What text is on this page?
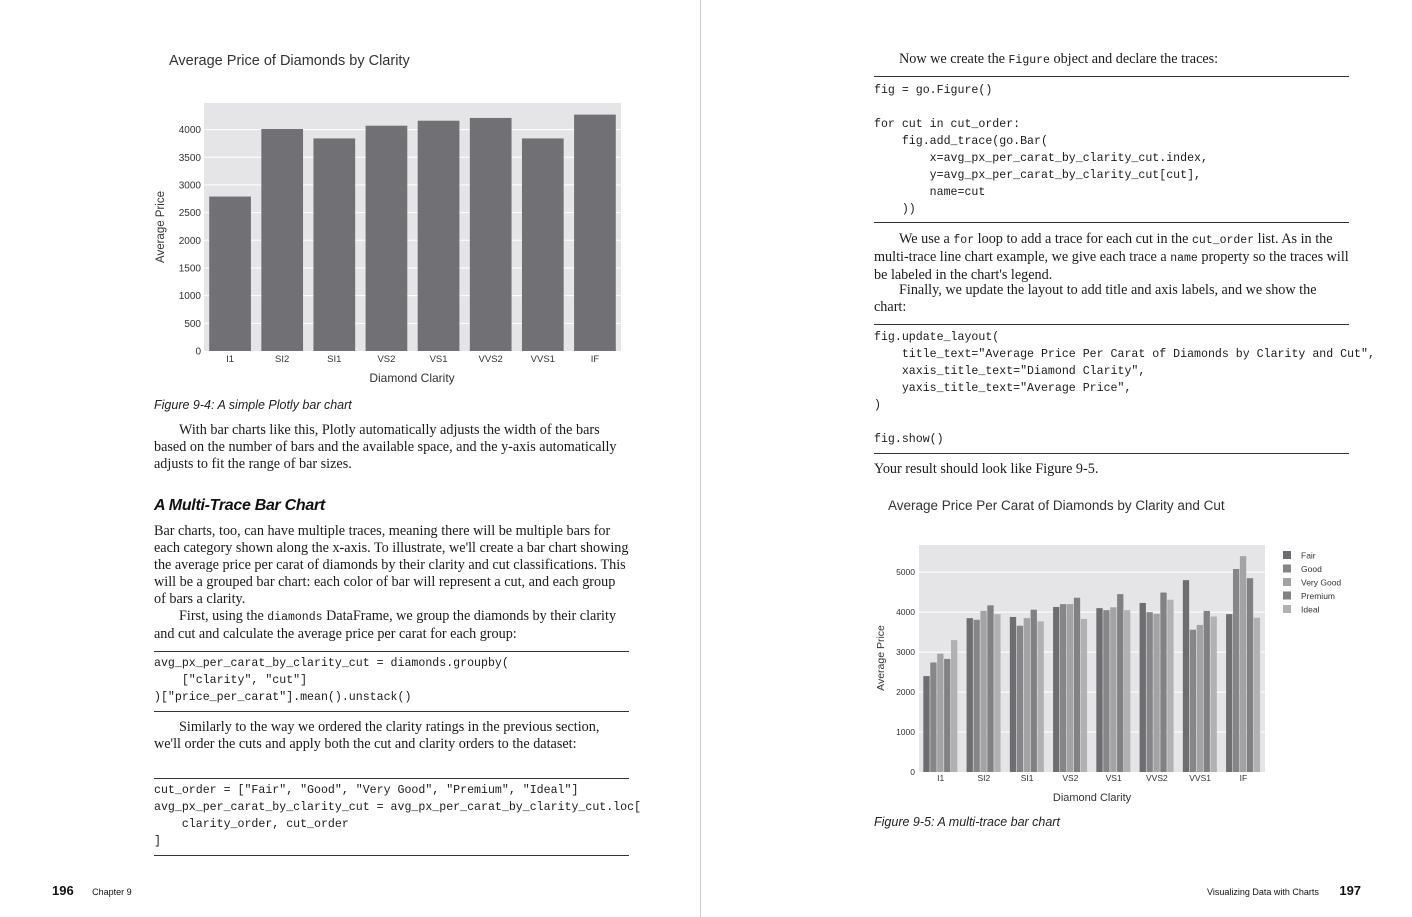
Average Price of Diamonds by Clarity
0
500
1000
1500
2000
2500
3000
3500
4000
I1	SI2	SI1	VS2	VS1	VVS2	VVS1	IF
Diamond Clarity
Average Price
Figure 9-4: A simple Plotly bar chart

With bar charts like this, Plotly automatically adjusts the width of the bars based on the number of bars and the available space, and the y-axis automatically adjusts to fit the range of bar sizes.

A Multi-Trace Bar Chart

Bar charts, too, can have multiple traces, meaning there will be multiple bars for each category shown along the x-axis. To illustrate, we'll create a bar chart showing the average price per carat of diamonds by their clarity and cut classifications. This will be a grouped bar chart: each color of bar will represent a cut, and each group of bars a clarity.

First, using the diamonds DataFrame, we group the diamonds by their clarity and cut and calculate the average price per carat for each group:

avg_px_per_carat_by_clarity_cut = diamonds.groupby(
["clarity", "cut"]
)["price_per_carat"].mean().unstack()

Similarly to the way we ordered the clarity ratings in the previous section, we'll order the cuts and apply both the cut and clarity orders to the dataset:

cut_order = ["Fair", "Good", "Very Good", "Premium", "Ideal"]
avg_px_per_carat_by_clarity_cut = avg_px_per_carat_by_clarity_cut.loc[
clarity_order, cut_order
]
196 Chapter 9

Now we create the Figure object and declare the traces:

fig = go.Figure()

for cut in cut_order:
fig.add_trace(go.Bar(
x=avg_px_per_carat_by_clarity_cut.index,
y=avg_px_per_carat_by_clarity_cut[cut],
name=cut
))

We use a for loop to add a trace for each cut in the cut_order list. As in the multi-trace line chart example, we give each trace a name property so the traces will be labeled in the chart's legend.

Finally, we update the layout to add title and axis labels, and we show the chart:

fig.update_layout(
title_text="Average Price Per Carat of Diamonds by Clarity and Cut",
xaxis_title_text="Diamond Clarity",
yaxis_title_text="Average Price",
)

fig.show()

Your result should look like Figure 9-5.

Average Price Per Carat of Diamonds by Clarity and Cut
0
1000
2000
3000
4000
5000
I1	SI2	SI1	VS2	VS1	VVS2	VVS1	IF
Fair
Good
Very Good
Premium
Ideal
Diamond Clarity
Average Price
Figure 9-5: A multi-trace bar chart
Visualizing Data with Charts 197
